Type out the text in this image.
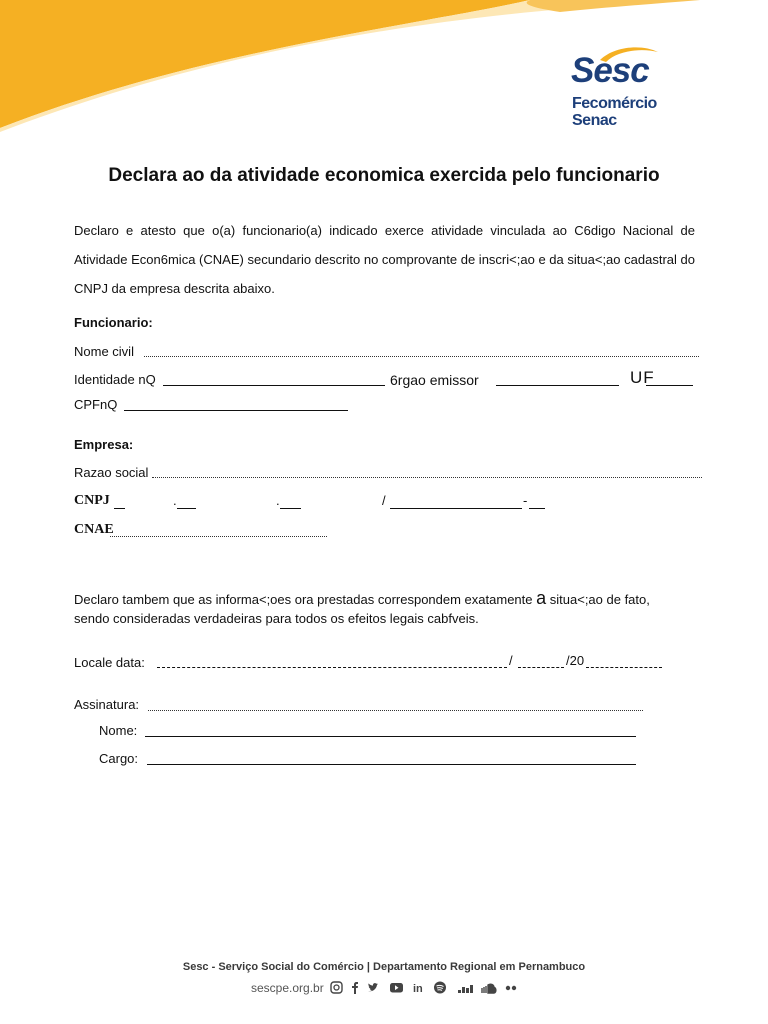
Sesc
Fecomércio
Senac
Declara ao da atividade economica exercida pelo funcionario
Declaro e atesto que o(a) funcionario(a) indicado exerce atividade vinculada ao C6digo Nacional de Atividade Econ6mica (CNAE) secundario descrito no comprovante de inscri<;ao e da situa<;ao cadastral do CNPJ da empresa descrita abaixo.
Funcionario:
Nome civil
Identidade nQ	6rgao emissor	UF
CPFnQ
Empresa:
Razao social
CNPJ	.	.	/	-
CNAE
Declaro tambem que as informa<;oes ora prestadas correspondem exatamente a situa<;ao de fato,
sendo consideradas verdadeiras para todos os efeitos legais cabfveis.
Locale data:	/	/20
Assinatura:
Nome:
Cargo:
Sesc - Serviço Social do Comércio | Departamento Regional em Pernambuco
sescpe.org.br	in
